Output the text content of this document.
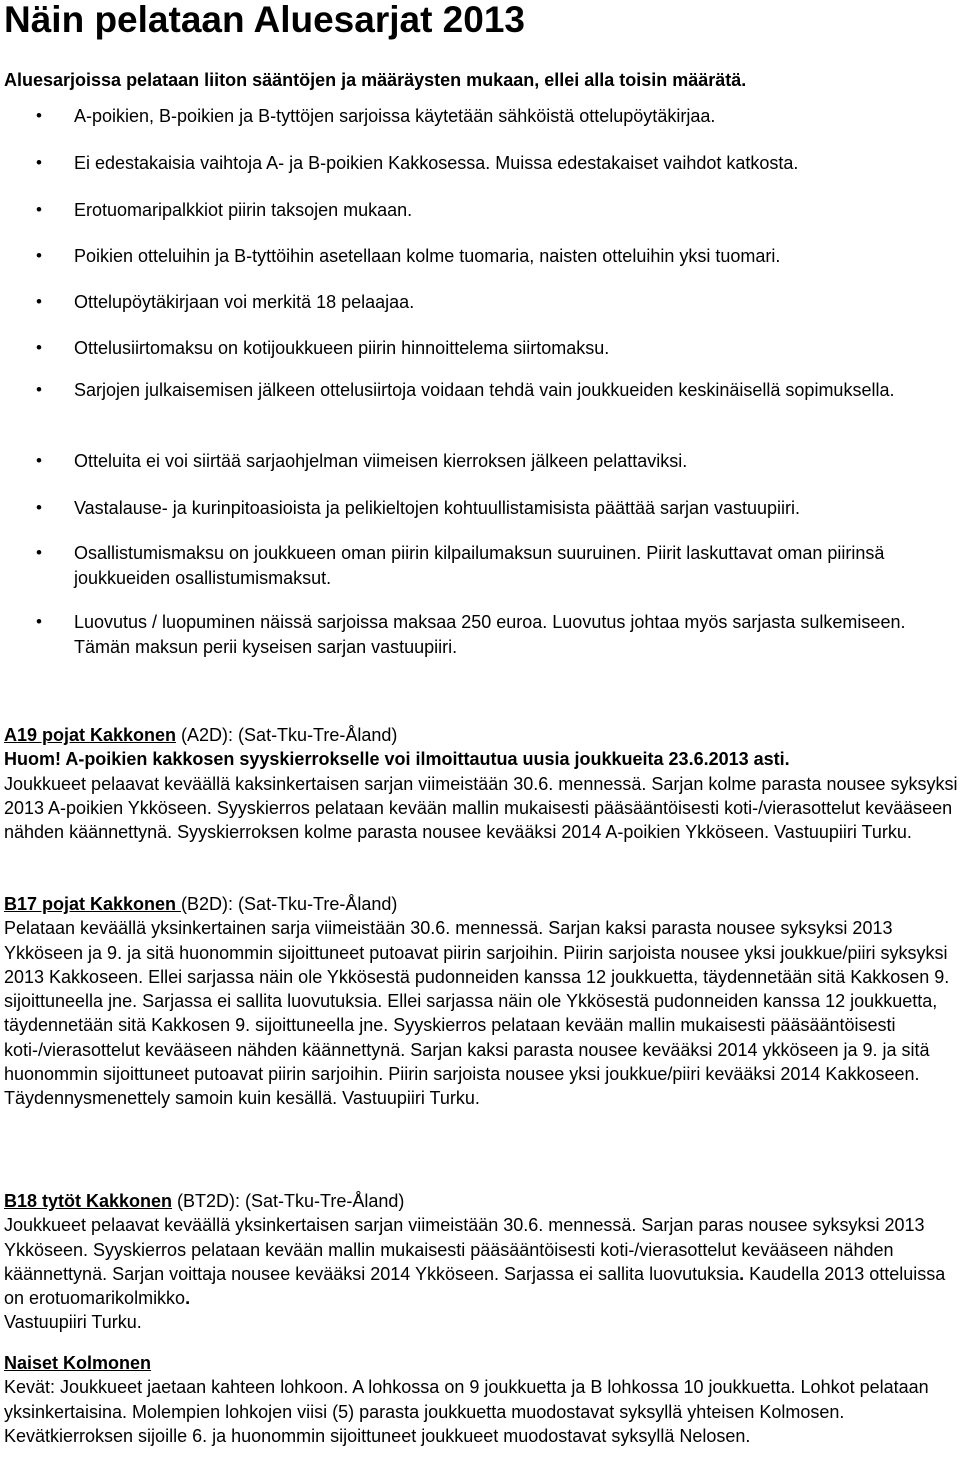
Näin pelataan Aluesarjat 2013
Aluesarjoissa pelataan liiton sääntöjen ja määräysten mukaan, ellei alla toisin määrätä.
• A-poikien, B-poikien ja B-tyttöjen sarjoissa käytetään sähköistä ottelupöytäkirjaa.
• Ei edestakaisia vaihtoja A- ja B-poikien Kakkosessa. Muissa edestakaiset vaihdot katkosta.
• Erotuomaripalkkiot piirin taksojen mukaan.
• Poikien otteluihin ja B-tyttöihin asetellaan kolme tuomaria, naisten otteluihin yksi tuomari.
• Ottelupöytäkirjaan voi merkitä 18 pelaajaa.
• Ottelusiirtomaksu on kotijoukkueen piirin hinnoittelema siirtomaksu.
• Sarjojen julkaisemisen jälkeen ottelusiirtoja voidaan tehdä vain joukkueiden keskinäisellä sopimuksella.
• Otteluita ei voi siirtää sarjaohjelman viimeisen kierroksen jälkeen pelattaviksi.
• Vastalause- ja kurinpitoasioista ja pelikieltojen kohtuullistamisista päättää sarjan vastuupiiri.
• Osallistumismaksu on joukkueen oman piirin kilpailumaksun suuruinen. Piirit laskuttavat oman piirinsä joukkueiden osallistumismaksut.
• Luovutus / luopuminen näissä sarjoissa maksaa 250 euroa. Luovutus johtaa myös sarjasta sulkemiseen. Tämän maksun perii kyseisen sarjan vastuupiiri.
A19 pojat Kakkonen (A2D): (Sat-Tku-Tre-Åland)
Huom! A-poikien kakkosen syyskierrokselle voi ilmoittautua uusia joukkueita 23.6.2013 asti.
Joukkueet pelaavat keväällä kaksinkertaisen sarjan viimeistään 30.6. mennessä. Sarjan kolme parasta nousee syksyksi 2013 A-poikien Ykköseen. Syyskierros pelataan kevään mallin mukaisesti pääsääntöisesti koti-/vierasottelut kevääseen nähden käännettynä. Syyskierroksen kolme parasta nousee kevääksi 2014 A-poikien Ykköseen. Vastuupiiri Turku.
B17 pojat Kakkonen (B2D): (Sat-Tku-Tre-Åland)
Pelataan keväällä yksinkertainen sarja viimeistään 30.6. mennessä. Sarjan kaksi parasta nousee syksyksi 2013 Ykköseen ja 9. ja sitä huonommin sijoittuneet putoavat piirin sarjoihin. Piirin sarjoista nousee yksi joukkue/piiri syksyksi 2013 Kakkoseen. Ellei sarjassa näin ole Ykkösestä pudonneiden kanssa 12 joukkuetta, täydennetään sitä Kakkosen 9. sijoittuneella jne. Sarjassa ei sallita luovutuksia. Ellei sarjassa näin ole Ykkösestä pudonneiden kanssa 12 joukkuetta, täydennetään sitä Kakkosen 9. sijoittuneella jne. Syyskierros pelataan kevään mallin mukaisesti pääsääntöisesti koti-/vierasottelut kevääseen nähden käännettynä. Sarjan kaksi parasta nousee kevääksi 2014 ykköseen ja 9. ja sitä huonommin sijoittuneet putoavat piirin sarjoihin. Piirin sarjoista nousee yksi joukkue/piiri kevääksi 2014 Kakkoseen. Täydennysmenettely samoin kuin kesällä. Vastuupiiri Turku.
B18 tytöt Kakkonen (BT2D): (Sat-Tku-Tre-Åland)
Joukkueet pelaavat keväällä yksinkertaisen sarjan viimeistään 30.6. mennessä. Sarjan paras nousee syksyksi 2013 Ykköseen. Syyskierros pelataan kevään mallin mukaisesti pääsääntöisesti koti-/vierasottelut kevääseen nähden käännettynä. Sarjan voittaja nousee kevääksi 2014 Ykköseen. Sarjassa ei sallita luovutuksia. Kaudella 2013 otteluissa on erotuomarikolmikko.
Vastuupiiri Turku.
Naiset Kolmonen
Kevät: Joukkueet jaetaan kahteen lohkoon. A lohkossa on 9 joukkuetta ja B lohkossa 10 joukkuetta. Lohkot pelataan yksinkertaisina. Molempien lohkojen viisi (5) parasta joukkuetta muodostavat syksyllä yhteisen Kolmosen. Kevätkierroksen sijoille 6. ja huonommin sijoittuneet joukkueet muodostavat syksyllä Nelosen.
